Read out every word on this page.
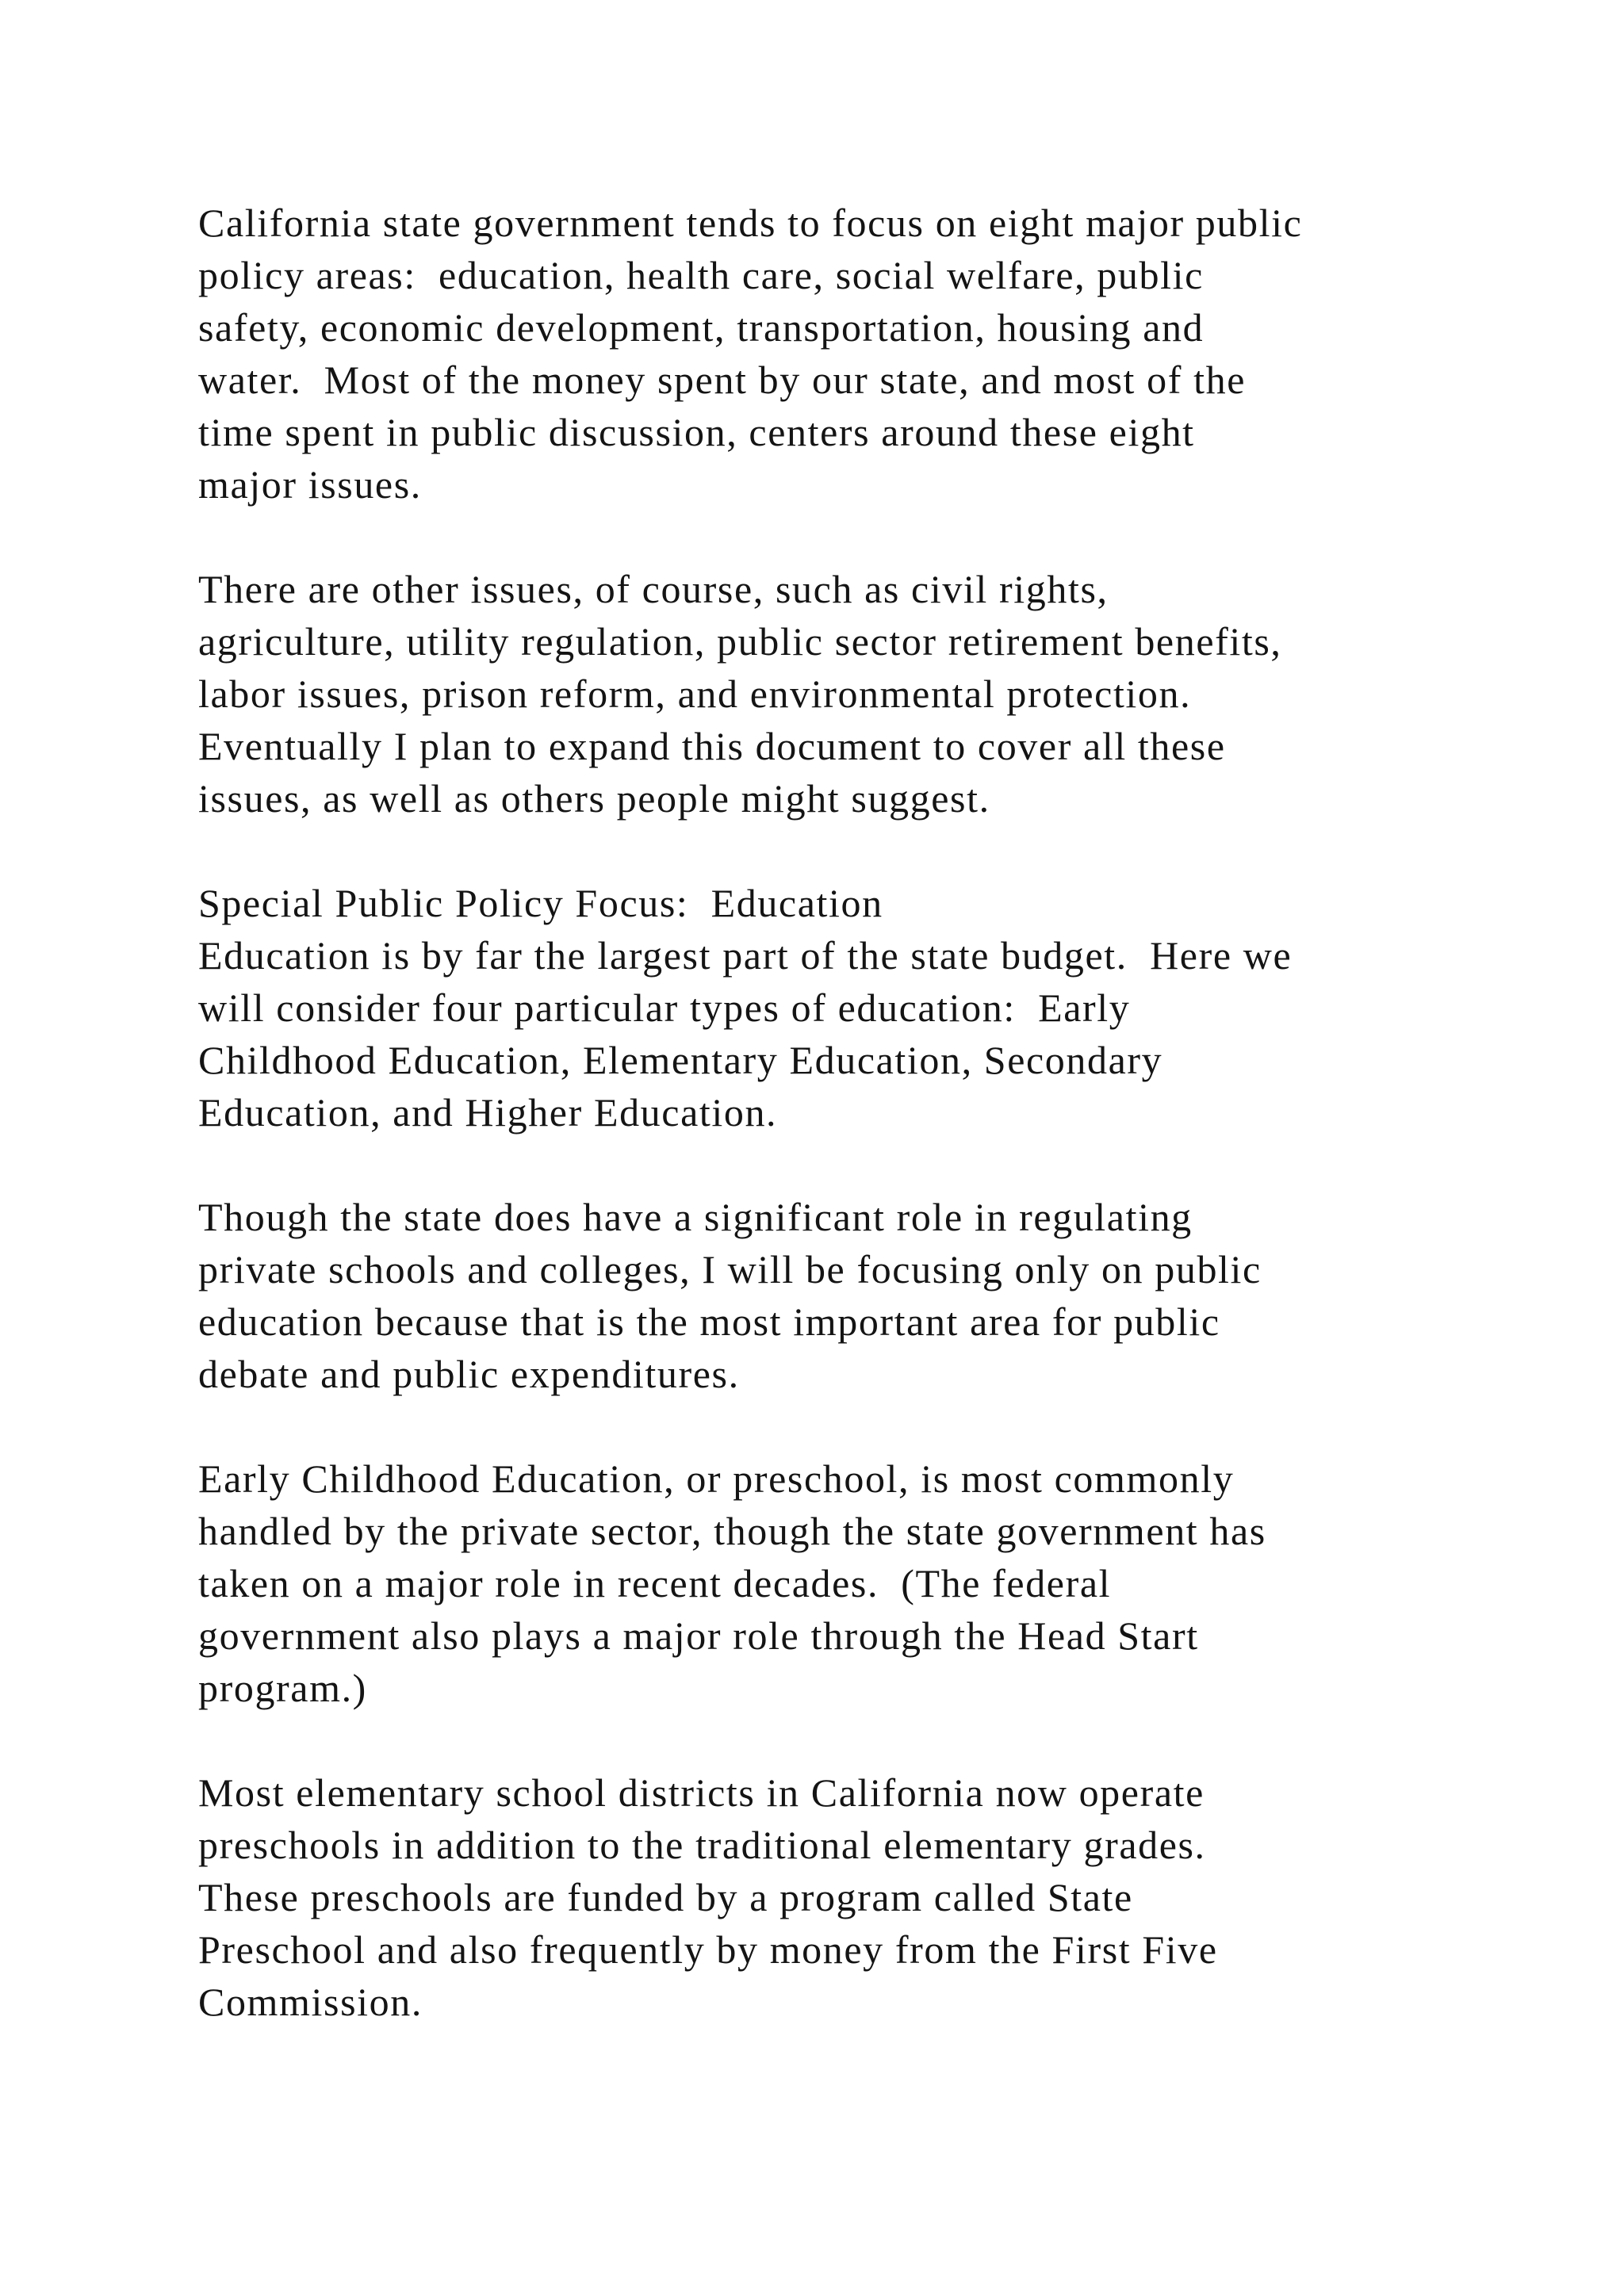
California state government tends to focus on eight major public
policy areas:  education, health care, social welfare, public
safety, economic development, transportation, housing and
water.  Most of the money spent by our state, and most of the
time spent in public discussion, centers around these eight
major issues.
There are other issues, of course, such as civil rights,
agriculture, utility regulation, public sector retirement benefits,
labor issues, prison reform, and environmental protection.
Eventually I plan to expand this document to cover all these
issues, as well as others people might suggest.
Special Public Policy Focus:  Education
Education is by far the largest part of the state budget.  Here we
will consider four particular types of education:  Early
Childhood Education, Elementary Education, Secondary
Education, and Higher Education.
Though the state does have a significant role in regulating
private schools and colleges, I will be focusing only on public
education because that is the most important area for public
debate and public expenditures.
Early Childhood Education, or preschool, is most commonly
handled by the private sector, though the state government has
taken on a major role in recent decades.  (The federal
government also plays a major role through the Head Start
program.)
Most elementary school districts in California now operate
preschools in addition to the traditional elementary grades.
These preschools are funded by a program called State
Preschool and also frequently by money from the First Five
Commission.
